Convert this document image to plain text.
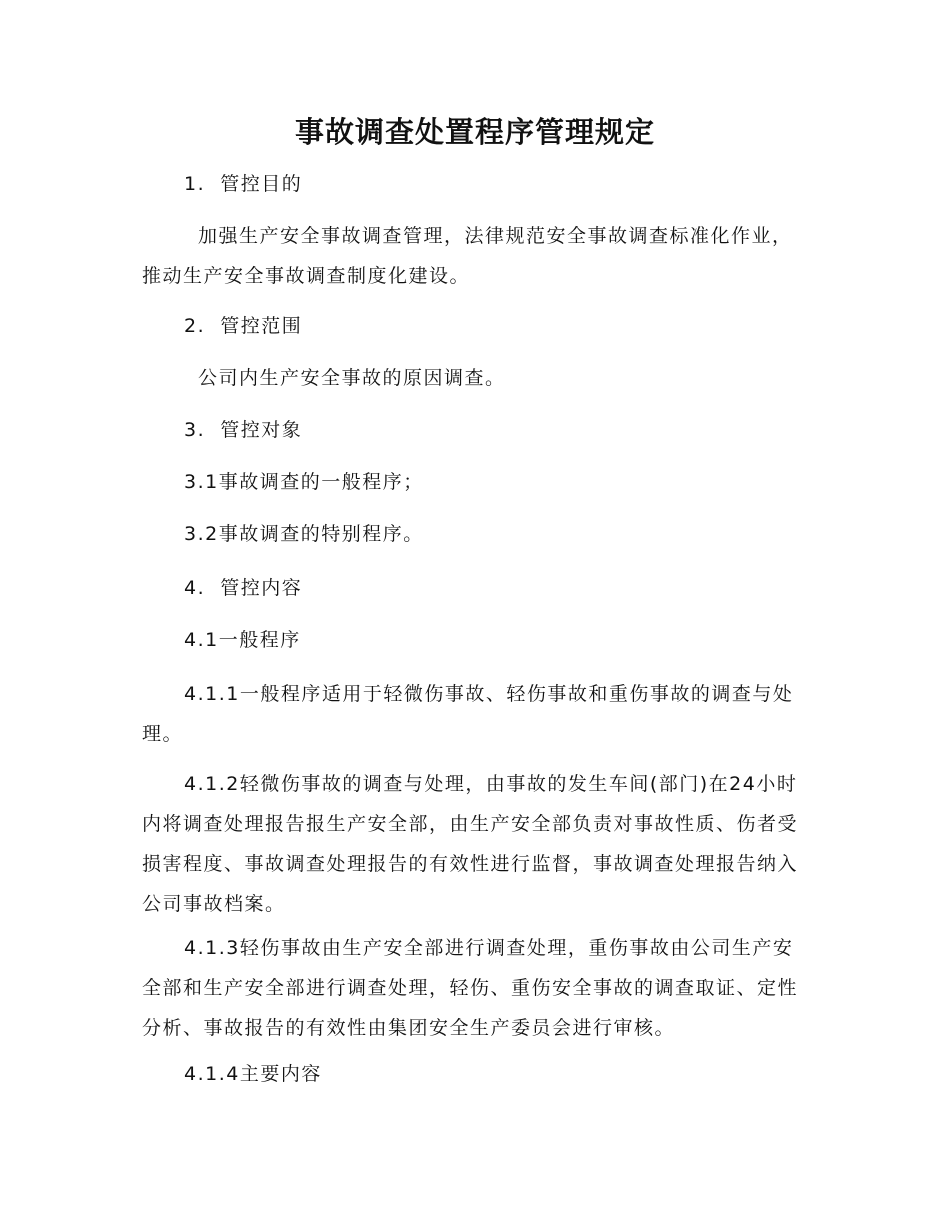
事故调查处置程序管理规定

1.  管控目的

加强生产安全事故调查管理，法律规范安全事故调查标准化作业，推动生产安全事故调查制度化建设。

2.  管控范围

公司内生产安全事故的原因调查。

3.  管控对象

3.1事故调查的一般程序；

3.2事故调查的特别程序。

4.  管控内容

4.1一般程序

4.1.1一般程序适用于轻微伤事故、轻伤事故和重伤事故的调查与处理。

4.1.2轻微伤事故的调查与处理，由事故的发生车间(部门)在24小时内将调查处理报告报生产安全部，由生产安全部负责对事故性质、伤者受损害程度、事故调查处理报告的有效性进行监督，事故调查处理报告纳入公司事故档案。

4.1.3轻伤事故由生产安全部进行调查处理，重伤事故由公司生产安全部和生产安全部进行调查处理，轻伤、重伤安全事故的调查取证、定性分析、事故报告的有效性由集团安全生产委员会进行审核。

4.1.4主要内容
